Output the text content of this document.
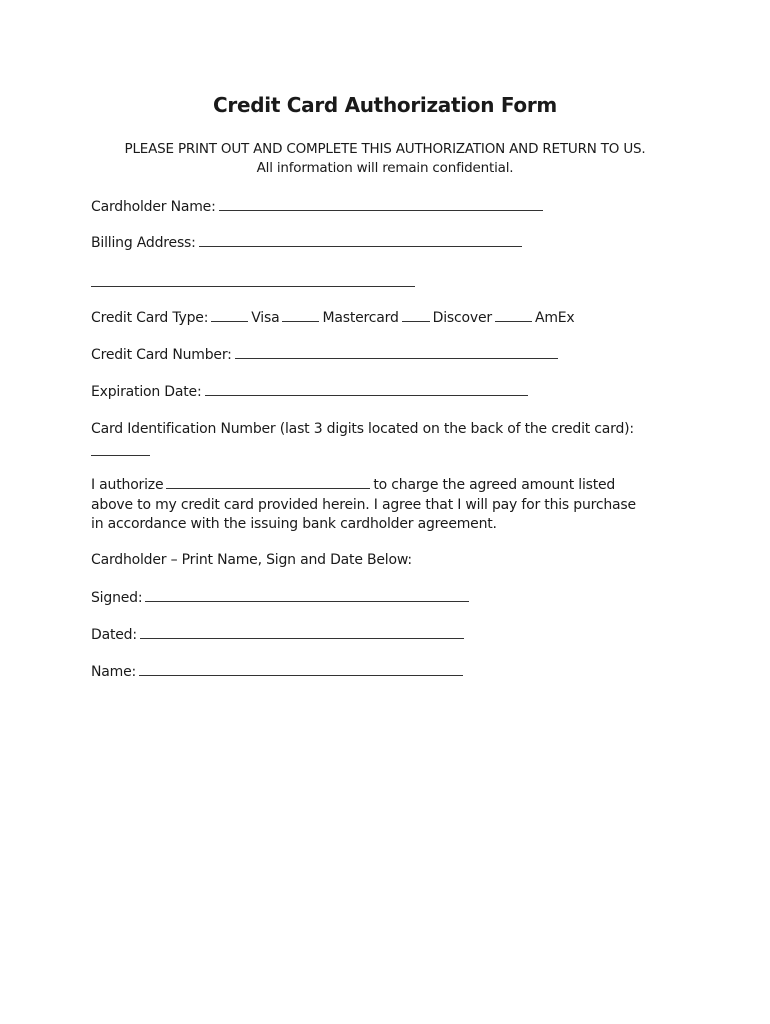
Credit Card Authorization Form
PLEASE PRINT OUT AND COMPLETE THIS AUTHORIZATION AND RETURN TO US.
All information will remain confidential.
Cardholder Name:
Billing Address:
Credit Card Type:	Visa	Mastercard Discover	AmEx
Credit Card Number:
Expiration Date:
Card Identification Number (last 3 digits located on the back of the credit card):
I authorize	to charge the agreed amount listed
above to my credit card provided herein. I agree that I will pay for this purchase
in accordance with the issuing bank cardholder agreement.
Cardholder – Print Name, Sign and Date Below:
Signed:
Dated:
Name:
